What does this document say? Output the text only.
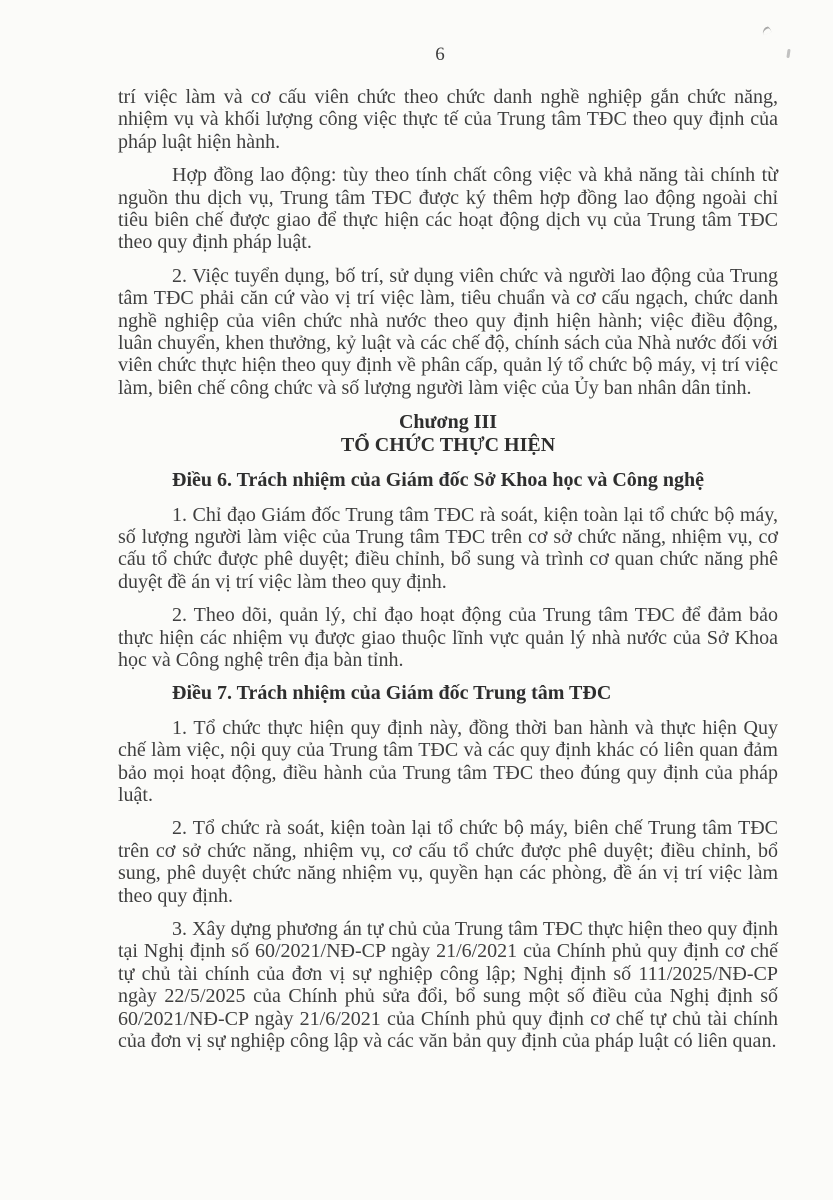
6

trí việc làm và cơ cấu viên chức theo chức danh nghề nghiệp gắn chức năng, nhiệm vụ và khối lượng công việc thực tế của Trung tâm TĐC theo quy định của pháp luật hiện hành.

Hợp đồng lao động: tùy theo tính chất công việc và khả năng tài chính từ nguồn thu dịch vụ, Trung tâm TĐC được ký thêm hợp đồng lao động ngoài chỉ tiêu biên chế được giao để thực hiện các hoạt động dịch vụ của Trung tâm TĐC theo quy định pháp luật.

2. Việc tuyển dụng, bố trí, sử dụng viên chức và người lao động của Trung tâm TĐC phải căn cứ vào vị trí việc làm, tiêu chuẩn và cơ cấu ngạch, chức danh nghề nghiệp của viên chức nhà nước theo quy định hiện hành; việc điều động, luân chuyển, khen thưởng, kỷ luật và các chế độ, chính sách của Nhà nước đối với viên chức thực hiện theo quy định về phân cấp, quản lý tổ chức bộ máy, vị trí việc làm, biên chế công chức và số lượng người làm việc của Ủy ban nhân dân tỉnh.

Chương III
TỔ CHỨC THỰC HIỆN

Điều 6. Trách nhiệm của Giám đốc Sở Khoa học và Công nghệ

1. Chỉ đạo Giám đốc Trung tâm TĐC rà soát, kiện toàn lại tổ chức bộ máy, số lượng người làm việc của Trung tâm TĐC trên cơ sở chức năng, nhiệm vụ, cơ cấu tổ chức được phê duyệt; điều chỉnh, bổ sung và trình cơ quan chức năng phê duyệt đề án vị trí việc làm theo quy định.

2. Theo dõi, quản lý, chỉ đạo hoạt động của Trung tâm TĐC để đảm bảo thực hiện các nhiệm vụ được giao thuộc lĩnh vực quản lý nhà nước của Sở Khoa học và Công nghệ trên địa bàn tỉnh.

Điều 7. Trách nhiệm của Giám đốc Trung tâm TĐC

1. Tổ chức thực hiện quy định này, đồng thời ban hành và thực hiện Quy chế làm việc, nội quy của Trung tâm TĐC và các quy định khác có liên quan đảm bảo mọi hoạt động, điều hành của Trung tâm TĐC theo đúng quy định của pháp luật.

2. Tổ chức rà soát, kiện toàn lại tổ chức bộ máy, biên chế Trung tâm TĐC trên cơ sở chức năng, nhiệm vụ, cơ cấu tổ chức được phê duyệt; điều chỉnh, bổ sung, phê duyệt chức năng nhiệm vụ, quyền hạn các phòng, đề án vị trí việc làm theo quy định.

3. Xây dựng phương án tự chủ của Trung tâm TĐC thực hiện theo quy định tại Nghị định số 60/2021/NĐ-CP ngày 21/6/2021 của Chính phủ quy định cơ chế tự chủ tài chính của đơn vị sự nghiệp công lập; Nghị định số 111/2025/NĐ-CP ngày 22/5/2025 của Chính phủ sửa đổi, bổ sung một số điều của Nghị định số 60/2021/NĐ-CP ngày 21/6/2021 của Chính phủ quy định cơ chế tự chủ tài chính của đơn vị sự nghiệp công lập và các văn bản quy định của pháp luật có liên quan.
